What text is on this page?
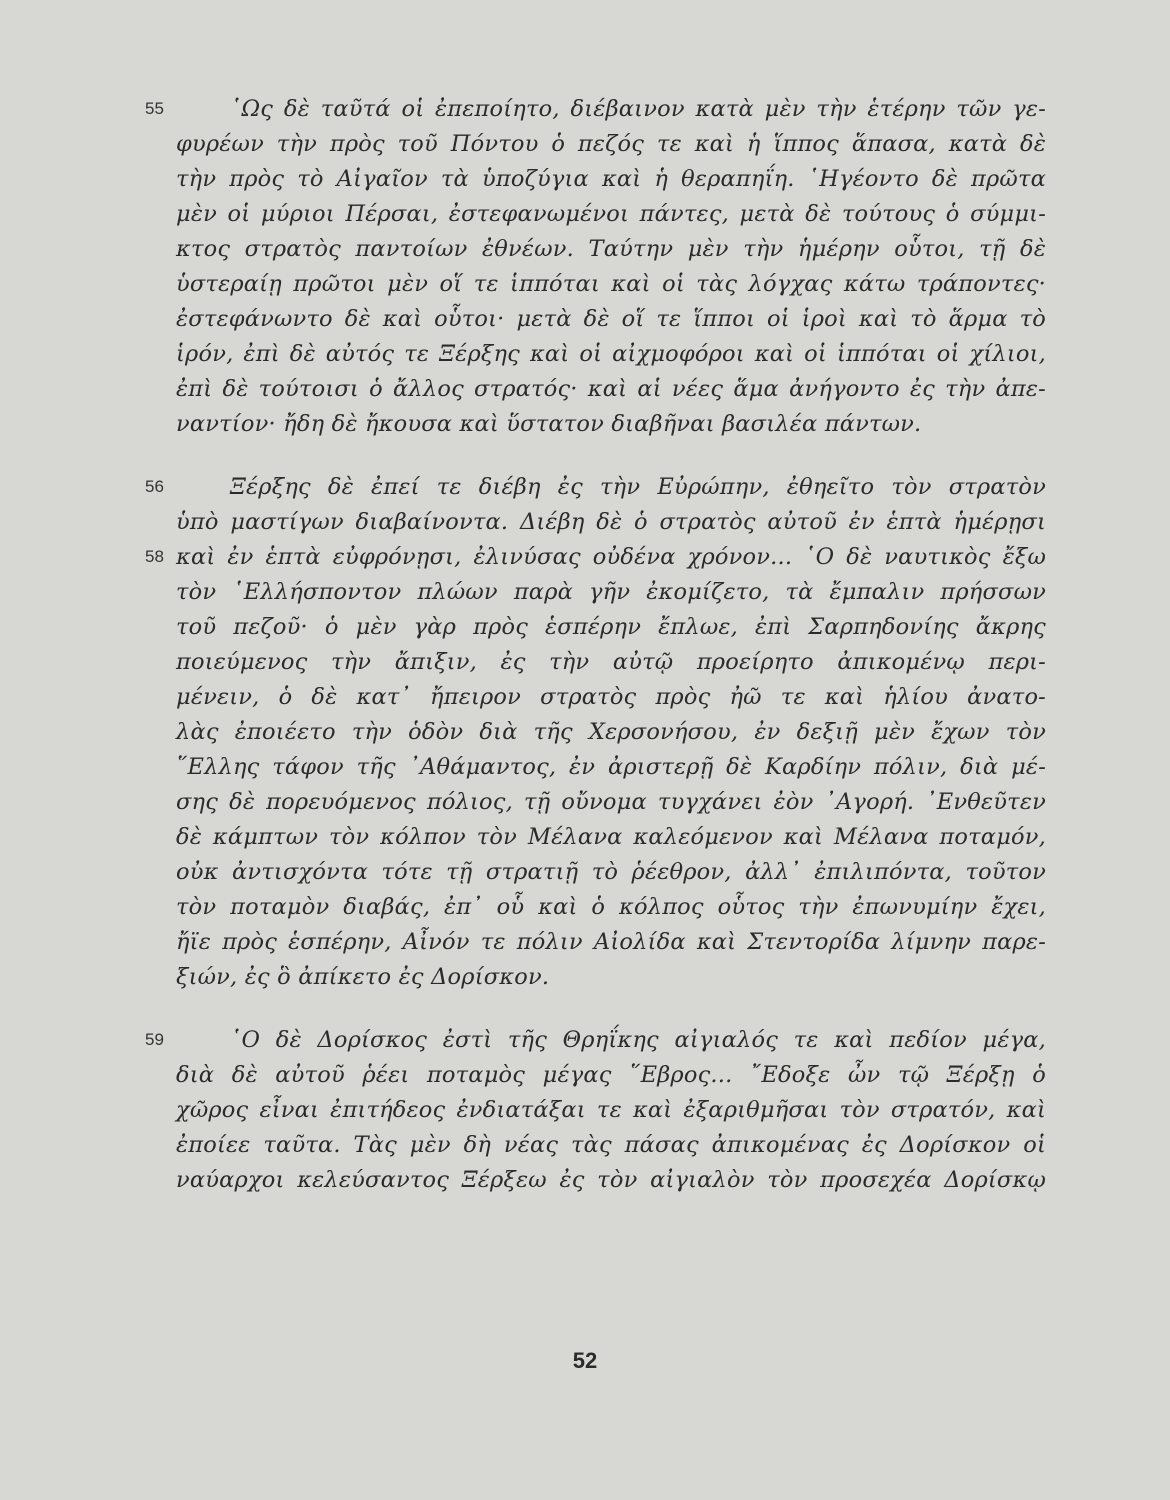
55	῾Ως δὲ ταῦτά οἱ ἐπεποίητο, διέβαινον κατὰ μὲν τὴν ἑτέρην τῶν γε-
φυρέων τὴν πρὸς τοῦ Πόντου ὁ πεζός τε καὶ ἡ ἵππος ἅπασα, κατὰ δὲ
τὴν πρὸς τὸ Αἰγαῖον τὰ ὑποζύγια καὶ ἡ θεραπηΐη. ῾Ηγέοντο δὲ πρῶτα
μὲν οἱ μύριοι Πέρσαι, ἐστεφανωμένοι πάντες, μετὰ δὲ τούτους ὁ σύμμι-
κτος στρατὸς παντοίων ἐθνέων. Ταύτην μὲν τὴν ἡμέρην οὗτοι, τῇ δὲ
ὑστεραίῃ πρῶτοι μὲν οἵ τε ἱππόται καὶ οἱ τὰς λόγχας κάτω τράποντες·
ἐστεφάνωντο δὲ καὶ οὗτοι· μετὰ δὲ οἵ τε ἵπποι οἱ ἱροὶ καὶ τὸ ἅρμα τὸ
ἱρόν, ἐπὶ δὲ αὐτός τε Ξέρξης καὶ οἱ αἰχμοφόροι καὶ οἱ ἱππόται οἱ χίλιοι,
ἐπὶ δὲ τούτοισι ὁ ἄλλος στρατός· καὶ αἱ νέες ἅμα ἀνήγοντο ἐς τὴν ἀπε-
ναντίον· ἤδη δὲ ἤκουσα καὶ ὕστατον διαβῆναι βασιλέα πάντων.
56	Ξέρξης δὲ ἐπεί τε διέβη ἐς τὴν Εὐρώπην, ἐθηεῖτο τὸν στρατὸν
ὑπὸ μαστίγων διαβαίνοντα. Διέβη δὲ ὁ στρατὸς αὐτοῦ ἐν ἑπτὰ ἡμέρῃσι
58 καὶ ἐν ἑπτὰ εὐφρόνῃσι, ἐλινύσας οὐδένα χρόνον... ῾Ο δὲ ναυτικὸς ἔξω
τὸν ῾Ελλήσποντον πλώων παρὰ γῆν ἐκομίζετο, τὰ ἔμπαλιν πρήσσων
τοῦ πεζοῦ· ὁ μὲν γὰρ πρὸς ἑσπέρην ἔπλωε, ἐπὶ Σαρπηδονίης ἄκρης
ποιεύμενος τὴν ἄπιξιν, ἐς τὴν αὐτῷ προείρητο ἀπικομένῳ περι-
μένειν, ὁ δὲ κατ᾽ ἤπειρον στρατὸς πρὸς ἠῶ τε καὶ ἡλίου ἀνατο-
λὰς ἐποιέετο τὴν ὁδὸν διὰ τῆς Χερσονήσου, ἐν δεξιῇ μὲν ἔχων τὸν
῞Ελλης τάφον τῆς ᾿Αθάμαντος, ἐν ἀριστερῇ δὲ Καρδίην πόλιν, διὰ μέ-
σης δὲ πορευόμενος πόλιος, τῇ οὔνομα τυγχάνει ἐὸν ᾿Αγορή. ᾿Ενθεῦτεν
δὲ κάμπτων τὸν κόλπον τὸν Μέλανα καλεόμενον καὶ Μέλανα ποταμόν,
οὐκ ἀντισχόντα τότε τῇ στρατιῇ τὸ ῥέεθρον, ἀλλ᾽ ἐπιλιπόντα, τοῦτον
τὸν ποταμὸν διαβάς, ἐπ᾽ οὗ καὶ ὁ κόλπος οὗτος τὴν ἐπωνυμίην ἔχει,
ἤϊε πρὸς ἑσπέρην, Αἶνόν τε πόλιν Αἰολίδα καὶ Στεντορίδα λίμνην παρε-
ξιών, ἐς ὃ ἀπίκετο ἐς Δορίσκον.
59	῾Ο δὲ Δορίσκος ἐστὶ τῆς Θρηΐκης αἰγιαλός τε καὶ πεδίον μέγα,
διὰ δὲ αὐτοῦ ῥέει ποταμὸς μέγας ῞Εβρος... ῎Εδοξε ὦν τῷ Ξέρξῃ ὁ
χῶρος εἶναι ἐπιτήδεος ἐνδιατάξαι τε καὶ ἐξαριθμῆσαι τὸν στρατόν, καὶ
ἐποίεε ταῦτα. Τὰς μὲν δὴ νέας τὰς πάσας ἀπικομένας ἐς Δορίσκον οἱ
ναύαρχοι κελεύσαντος Ξέρξεω ἐς τὸν αἰγιαλὸν τὸν προσεχέα Δορίσκῳ
52
